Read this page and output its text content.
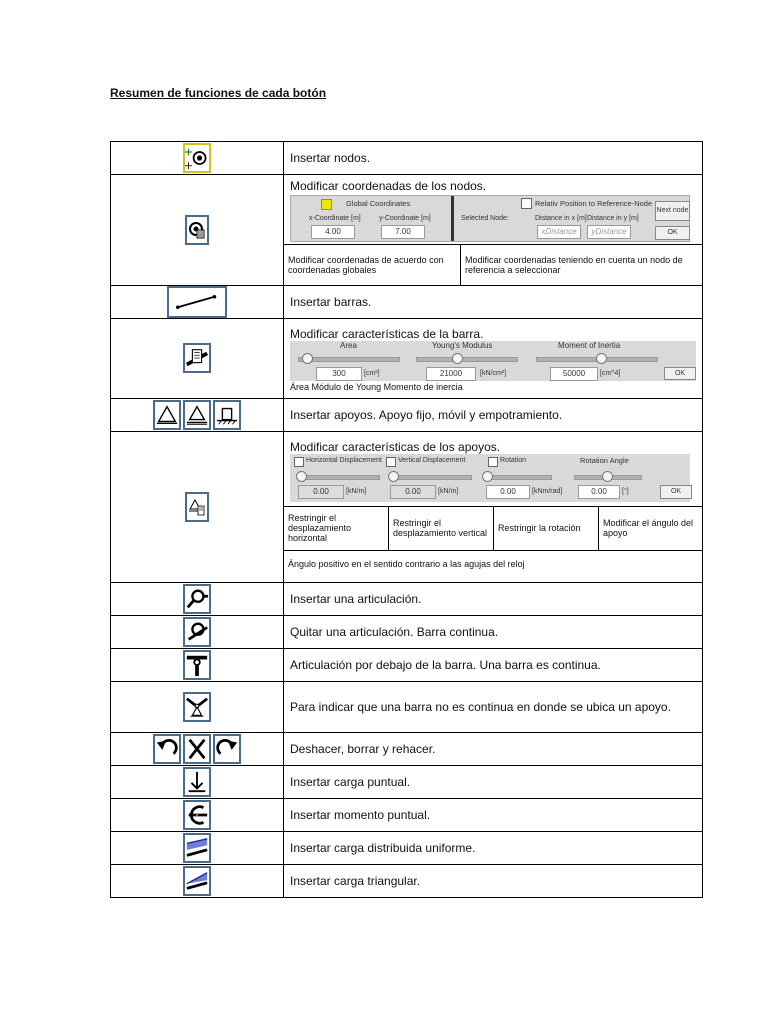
Resumen de funciones de cada botón
	Insertar nodos.

Modificar coordenadas de los nodos.
Global Coordinates
x-Coordinate [m]	y-Coordinate [m]
4.00	7.00
Relativ Position to Reference-Node
Selected Node:	Distance in x [m] Distance in y [m]
xDistance	yDistance
Next node
OK
Modificar coordenadas de acuerdo con coordenadas globales	Modificar coordenadas teniendo en cuenta un nodo de referencia a seleccionar

	Insertar barras.

Modificar características de la barra.
Area	Young's Modulus	Moment of Inertia
300	[cm²]	21000	[kN/cm²]	50000	[cm^4]	OK
Área Módulo de Young Momento de inercia

	Insertar apoyos. Apoyo fijo, móvil y empotramiento.

Modificar características de los apoyos.
Horizontal Displacement Vertical Displacement	Rotation	Rotation Angle
0.00	[kN/m]	0.00	[kN/m]	0.00	[kNm/rad]	0.00	[°]	OK
Restringir el desplazamiento horizontal	Restringir el desplazamiento vertical	Restringir la rotación	Modificar el ángulo del apoyo
Ángulo positivo en el sentido contrario a las agujas del reloj

	Insertar una articulación.

	Quitar una articulación. Barra continua.

	Articulación por debajo de la barra. Una barra es continua.

	Para indicar que una barra no es continua en donde se ubica un apoyo.

	Deshacer, borrar y rehacer.

	Insertar carga puntual.

	Insertar momento puntual.

	Insertar carga distribuida uniforme.

	Insertar carga triangular.
